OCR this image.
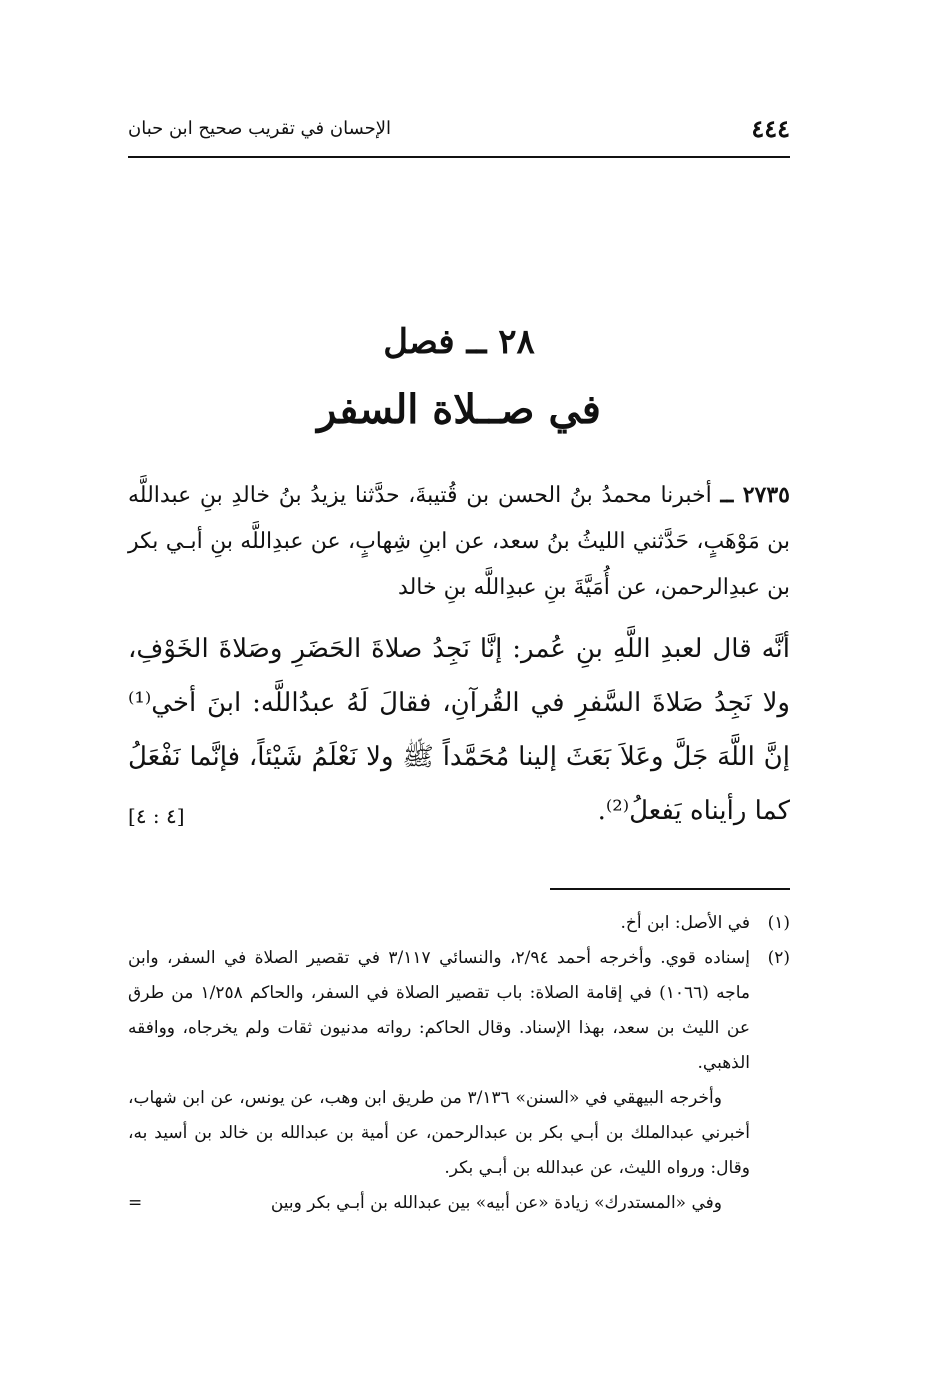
٤٤٤
الإحسان في تقريب صحيح ابن حبان
٢٨ ــ فصل
في صــلاة السفر
٢٧٣٥ ــ أخبرنا محمدُ بنُ الحسن بن قُتيبةَ، حدَّثنا يزيدُ بنُ خالدِ بنِ عبداللَّه بن مَوْهَبٍ، حَدَّثني الليثُ بنُ سعد، عن ابنِ شِهابٍ، عن عبدِاللَّه بنِ أبـي بكر بن عبدِالرحمن، عن أُمَيَّةَ بنِ عبدِاللَّه بنِ خالد
أنَّه قال لعبدِ اللَّهِ بنِ عُمر: إنَّا نَجِدُ صلاةَ الحَضَرِ وصَلاةَ الخَوْفِ، ولا نَجِدُ صَلاةَ السَّفرِ في القُرآنِ، فقالَ لَهُ عبدُاللَّه: ابنَ أخي⁽¹⁾ إنَّ اللَّهَ جَلَّ وعَلاَ بَعَثَ إلينا مُحَمَّداً ﷺ ولا نَعْلَمُ شَيْئاً، فإنَّما نَفْعَلُ كما رأيناه يَفعلُ⁽²⁾.
[٤ : ٤]
(١)

في الأصل: ابن أخ.

(٢)

إسناده قوي. وأخرجه أحمد ٢/٩٤، والنسائي ٣/١١٧ في تقصير الصلاة في السفر، وابن ماجه (١٠٦٦) في إقامة الصلاة: باب تقصير الصلاة في السفر، والحاكم ١/٢٥٨ من طرق عن الليث بن سعد، بهذا الإسناد. وقال الحاكم: رواته مدنيون ثقات ولم يخرجاه، ووافقه الذهبي.

وأخرجه البيهقي في «السنن» ٣/١٣٦ من طريق ابن وهب، عن يونس، عن ابن شهاب، أخبرني عبدالملك بن أبـي بكر بن عبدالرحمن، عن أمية بن عبدالله بن خالد بن أسيد به، وقال: ورواه الليث، عن عبدالله بن أبـي بكر.

وفي «المستدرك» زيادة «عن أبيه» بين عبدالله بن أبـي بكر وبين

=
